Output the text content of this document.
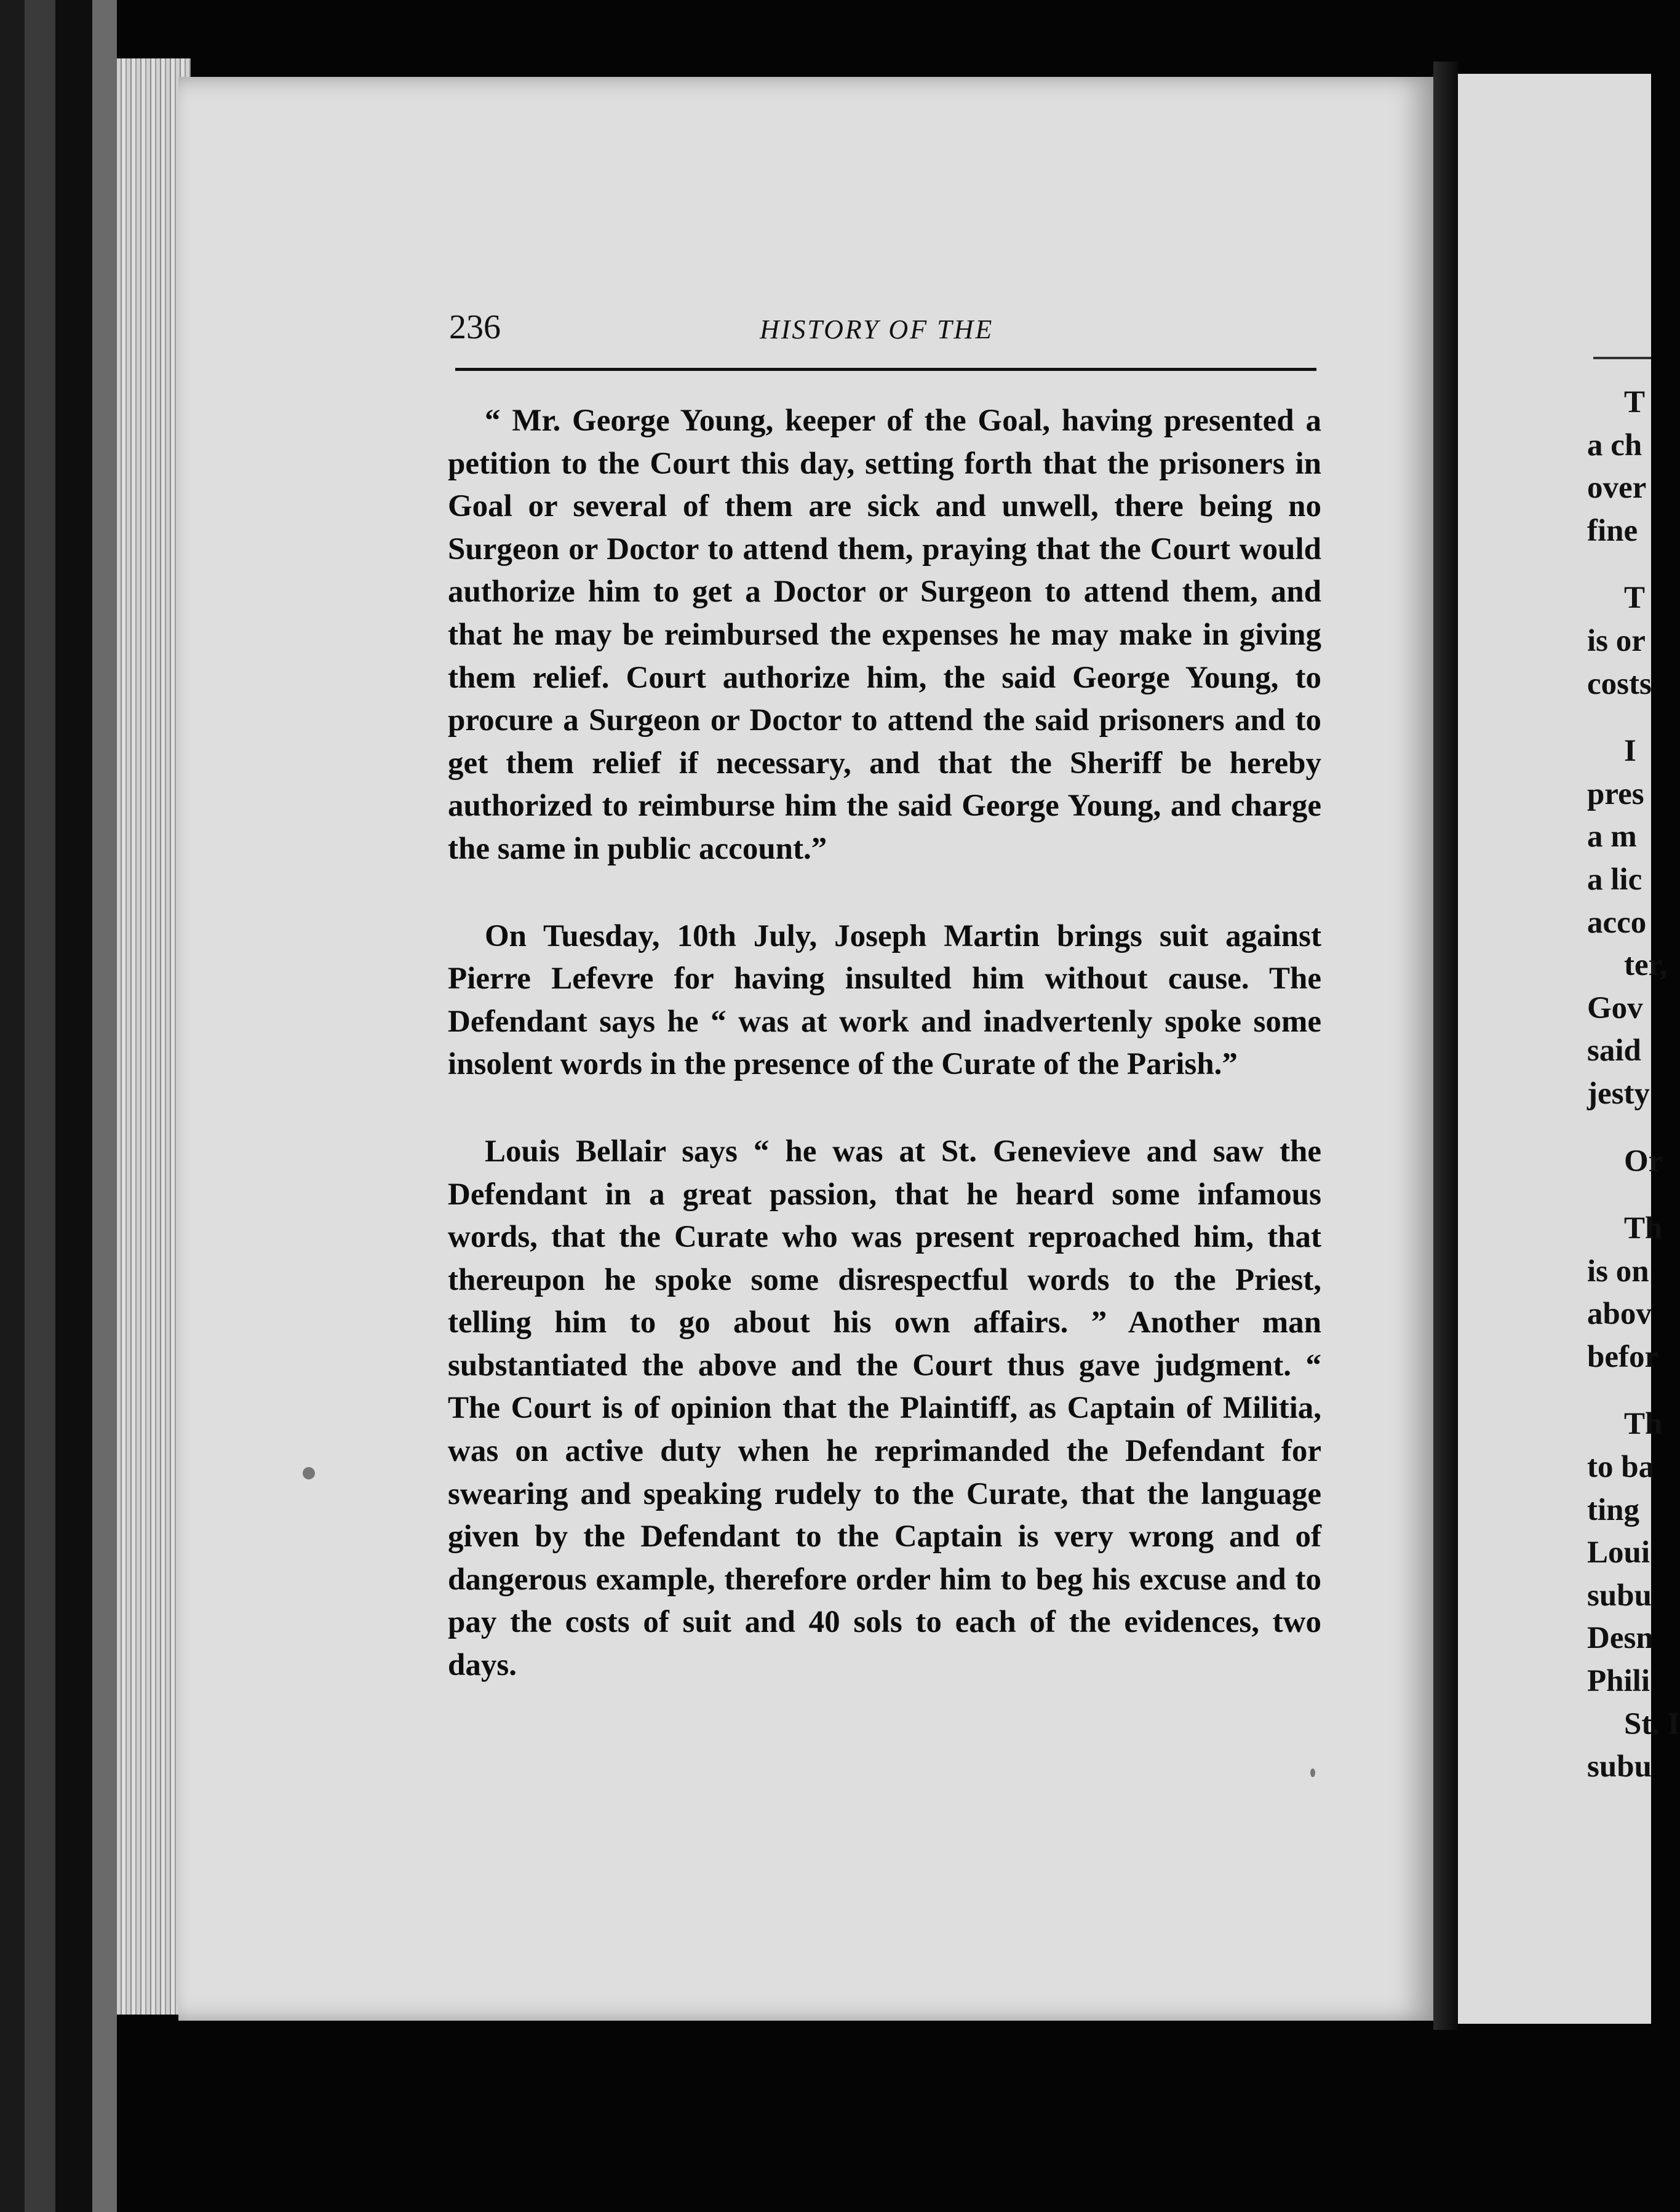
236	HISTORY OF THE

“ Mr. George Young, keeper of the Goal, having presented a petition to the Court this day, setting forth that the prisoners in Goal or several of them are sick and unwell, there being no Surgeon or Doctor to attend them, praying that the Court would authorize him to get a Doctor or Surgeon to attend them, and that he may be reimbursed the expenses he may make in giving them relief. Court authorize him, the said George Young, to procure a Surgeon or Doctor to attend the said prisoners and to get them relief if necessary, and that the Sheriff be hereby authorized to reimburse him the said George Young, and charge the same in public account.”

On Tuesday, 10th July, Joseph Martin brings suit against Pierre Lefevre for having insulted him without cause. The Defendant says he “ was at work and inadvertenly spoke some insolent words in the presence of the Curate of the Parish.”

Louis Bellair says “ he was at St. Genevieve and saw the Defendant in a great passion, that he heard some infamous words, that the Curate who was present reproached him, that thereupon he spoke some disrespectful words to the Priest, telling him to go about his own affairs. ” Another man substantiated the above and the Court thus gave judgment. “ The Court is of opinion that the Plaintiff, as Captain of Militia, was on active duty when he reprimanded the Defendant for swearing and speaking rudely to the Curate, that the language given by the Defendant to the Captain is very wrong and of dangerous example, therefore order him to beg his excuse and to pay the costs of suit and 40 sols to each of the evidences, two days.

T
a ch
over
fine
T
is or
costs
I
pres
a m
a lic
acco
ter,
Gov
said
jesty
Or
Th
is on
abov
befor
Th
to ba
ting
Loui
subu
Desn
Phili
St. I
subu
